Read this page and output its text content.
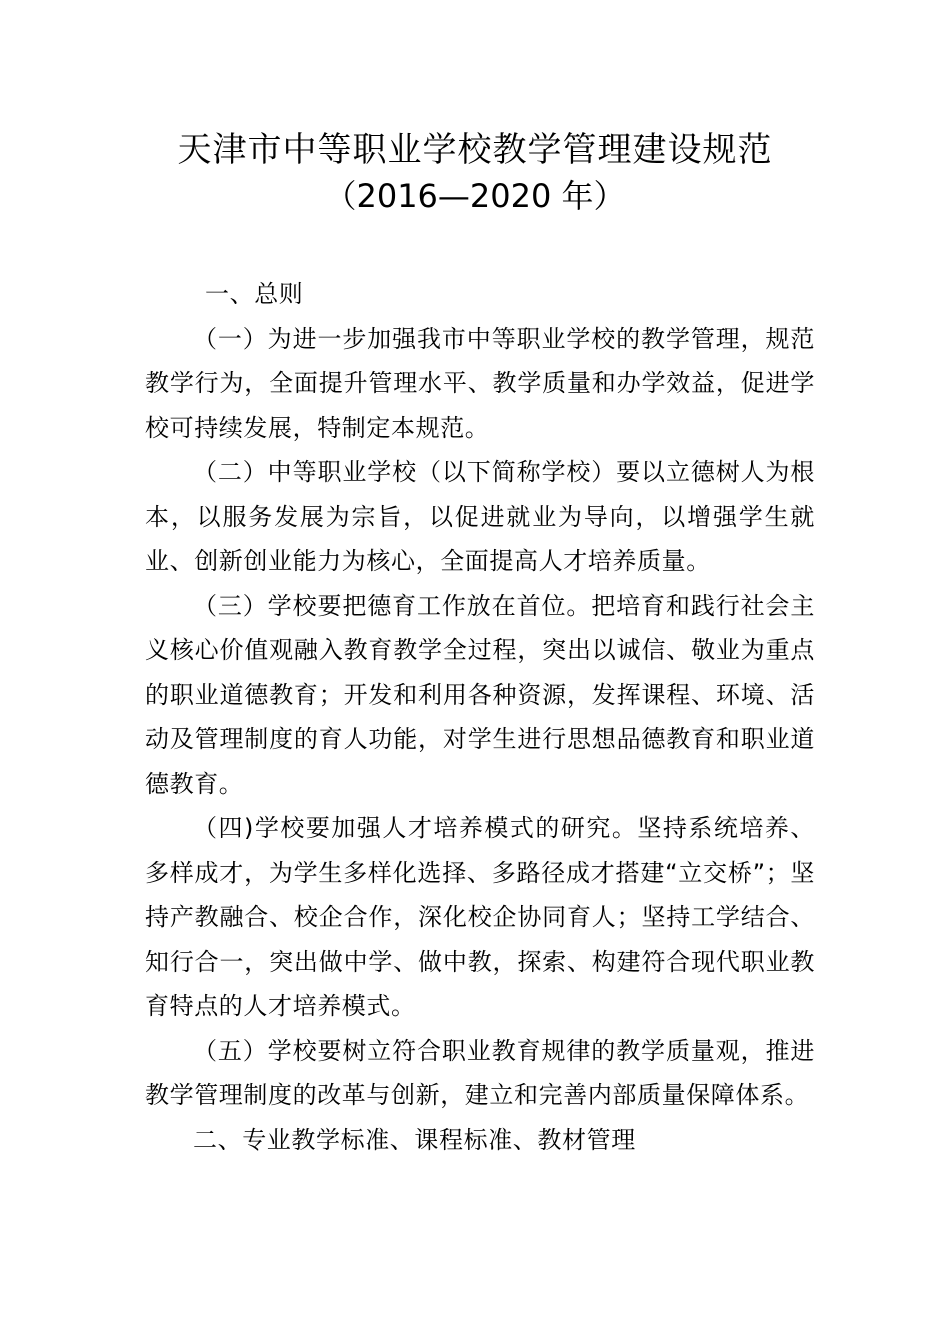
天津市中等职业学校教学管理建设规范
（2016—2020 年）

一、总则

（一）为进一步加强我市中等职业学校的教学管理，规范教学行为，全面提升管理水平、教学质量和办学效益，促进学校可持续发展，特制定本规范。

（二）中等职业学校（以下简称学校）要以立德树人为根本，以服务发展为宗旨，以促进就业为导向，以增强学生就业、创新创业能力为核心，全面提高人才培养质量。

（三）学校要把德育工作放在首位。把培育和践行社会主义核心价值观融入教育教学全过程，突出以诚信、敬业为重点的职业道德教育；开发和利用各种资源，发挥课程、环境、活动及管理制度的育人功能，对学生进行思想品德教育和职业道德教育。

（四)学校要加强人才培养模式的研究。坚持系统培养、多样成才，为学生多样化选择、多路径成才搭建“立交桥”；坚持产教融合、校企合作，深化校企协同育人；坚持工学结合、知行合一，突出做中学、做中教，探索、构建符合现代职业教育特点的人才培养模式。

（五）学校要树立符合职业教育规律的教学质量观，推进教学管理制度的改革与创新，建立和完善内部质量保障体系。

二、专业教学标准、课程标准、教材管理
